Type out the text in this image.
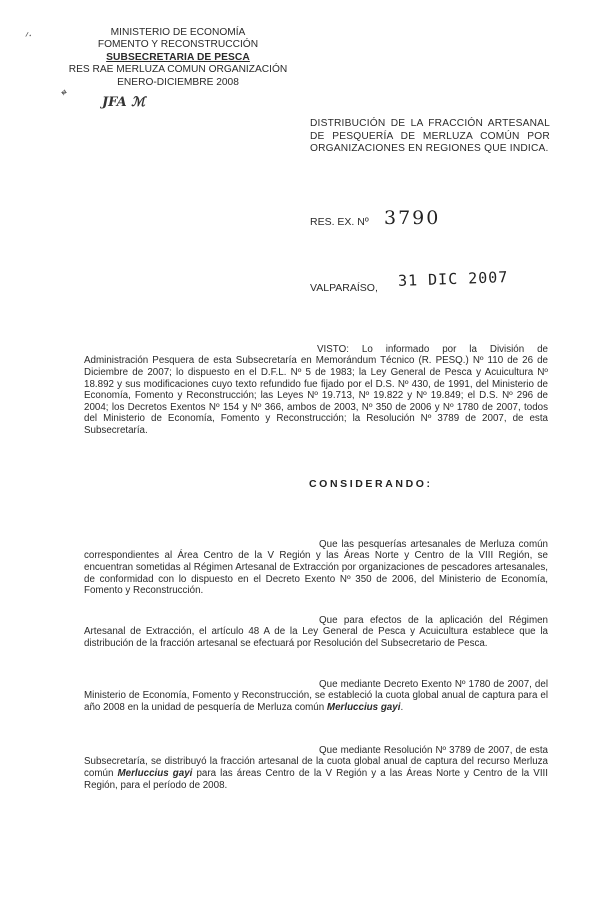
ᐟ·	MINISTERIO DE ECONOMÍA
FOMENTO Y RECONSTRUCCIÓN
SUBSECRETARIA DE PESCA
RES RAE MERLUZA COMUN ORGANIZACIÓN
ENERO-DICIEMBRE 2008
⌖
JFA ℳ
DISTRIBUCIÓN DE LA FRACCIÓN ARTESANAL DE PESQUERÍA DE MERLUZA COMÚN POR ORGANIZACIONES EN REGIONES QUE INDICA.
RES. EX. Nº 3790
VALPARAÍSO, 31 DIC 2007

VISTO: Lo informado por la División de Administración Pesquera de esta Subsecretaría en Memorándum Técnico (R. PESQ.) Nº 110 de 26 de Diciembre de 2007; lo dispuesto en el D.F.L. Nº 5 de 1983; la Ley General de Pesca y Acuicultura Nº 18.892 y sus modificaciones cuyo texto refundido fue fijado por el D.S. Nº 430, de 1991, del Ministerio de Economía, Fomento y Reconstrucción; las Leyes Nº 19.713, Nº 19.822 y Nº 19.849; el D.S. Nº 296 de 2004; los Decretos Exentos Nº 154 y Nº 366, ambos de 2003, Nº 350 de 2006 y Nº 1780 de 2007, todos del Ministerio de Economía, Fomento y Reconstrucción; la Resolución Nº 3789 de 2007, de esta Subsecretaría.

CONSIDERANDO:

Que las pesquerías artesanales de Merluza común correspondientes al Área Centro de la V Región y las Áreas Norte y Centro de la VIII Región, se encuentran sometidas al Régimen Artesanal de Extracción por organizaciones de pescadores artesanales, de conformidad con lo dispuesto en el Decreto Exento Nº 350 de 2006, del Ministerio de Economía, Fomento y Reconstrucción.

Que para efectos de la aplicación del Régimen Artesanal de Extracción, el artículo 48 A de la Ley General de Pesca y Acuicultura establece que la distribución de la fracción artesanal se efectuará por Resolución del Subsecretario de Pesca.

Que mediante Decreto Exento Nº 1780 de 2007, del Ministerio de Economía, Fomento y Reconstrucción, se estableció la cuota global anual de captura para el año 2008 en la unidad de pesquería de Merluza común Merluccius gayi.

Que mediante Resolución Nº 3789 de 2007, de esta Subsecretaría, se distribuyó la fracción artesanal de la cuota global anual de captura del recurso Merluza común Merluccius gayi para las áreas Centro de la V Región y a las Áreas Norte y Centro de la VIII Región, para el período de 2008.
